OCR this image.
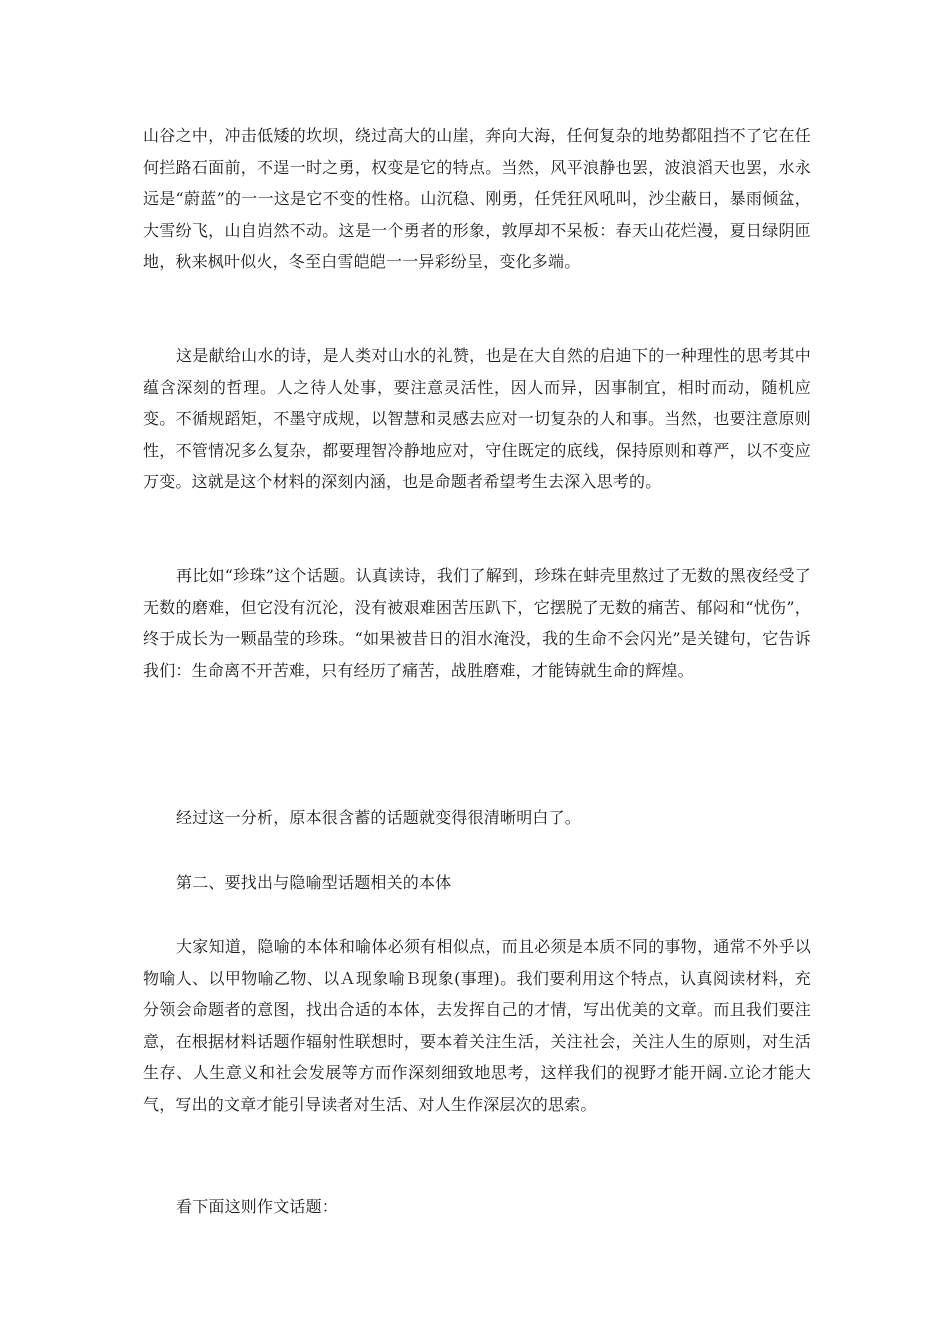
山谷之中，冲击低矮的坎坝，绕过高大的山崖，奔向大海，任何复杂的地势都阻挡不了它在任何拦路石面前，不逞一时之勇，权变是它的特点。当然，风平浪静也罢，波浪滔天也罢，水永远是“蔚蓝”的一一这是它不变的性格。山沉稳、刚勇，任凭狂风吼叫，沙尘蔽日，暴雨倾盆，大雪纷飞，山自岿然不动。这是一个勇者的形象，敦厚却不呆板：春天山花烂漫，夏日绿阴匝地，秋来枫叶似火，冬至白雪皑皑一一异彩纷呈，变化多端。

这是献给山水的诗，是人类对山水的礼赞，也是在大自然的启迪下的一种理性的思考其中蕴含深刻的哲理。人之待人处事，要注意灵活性，因人而异，因事制宜，相时而动，随机应变。不循规蹈矩，不墨守成规，以智慧和灵感去应对一切复杂的人和事。当然，也要注意原则性，不管情况多么复杂，都要理智冷静地应对，守住既定的底线，保持原则和尊严，以不变应万变。这就是这个材料的深刻内涵，也是命题者希望考生去深入思考的。

再比如“珍珠”这个话题。认真读诗，我们了解到，珍珠在蚌壳里熬过了无数的黑夜经受了无数的磨难，但它没有沉沦，没有被艰难困苦压趴下，它摆脱了无数的痛苦、郁闷和“忧伤”，终于成长为一颗晶莹的珍珠。“如果被昔日的泪水淹没，我的生命不会闪光”是关键句，它告诉我们：生命离不开苦难，只有经历了痛苦，战胜磨难，才能铸就生命的辉煌。

经过这一分析，原本很含蓄的话题就变得很清晰明白了。

第二、要找出与隐喻型话题相关的本体

大家知道，隐喻的本体和喻体必须有相似点，而且必须是本质不同的事物，通常不外乎以物喻人、以甲物喻乙物、以Ａ现象喻Ｂ现象(事理)。我们要利用这个特点，认真阅读材料，充分领会命题者的意图，找出合适的本体，去发挥自己的才情，写出优美的文章。而且我们要注意，在根据材料话题作辐射性联想时，要本着关注生活，关注社会，关注人生的原则，对生活生存、人生意义和社会发展等方而作深刻细致地思考，这样我们的视野才能开阔.立论才能大气，写出的文章才能引导读者对生活、对人生作深层次的思索。

看下面这则作文话题：
